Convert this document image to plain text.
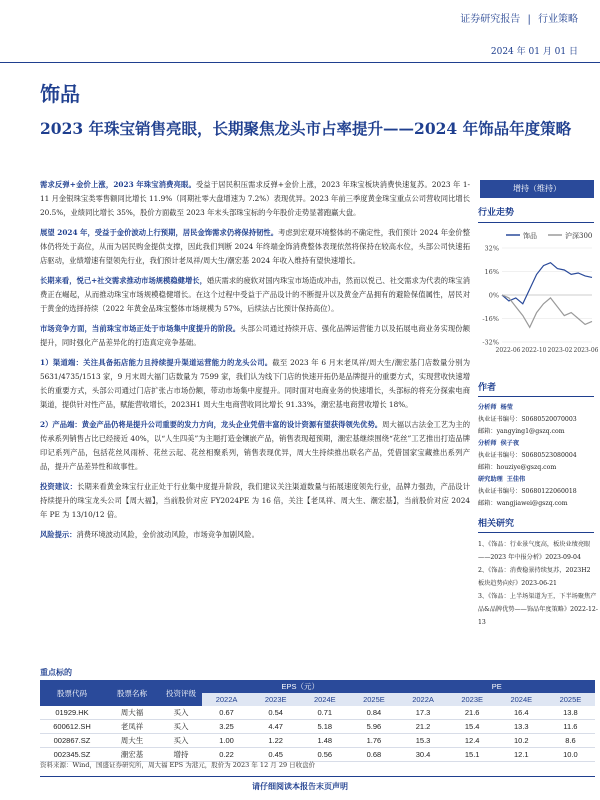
证券研究报告 | 行业策略
2024 年 01 月 01 日
饰品
2023 年珠宝销售亮眼，长期聚焦龙头市占率提升——2024 年饰品年度策略

需求反弹+金价上涨，2023 年珠宝消费亮眼。受益于居民积压需求反弹+金价上涨，2023 年珠宝板块消费快速复苏。2023 年 1-11 月金银珠宝类零售额同比增长 11.9%（同期社零大盘增速为 7.2%）表现优异。2023 年前三季度黄金珠宝重点公司营收同比增长 20.5%，业绩同比增长 35%，股价方面截至 2023 年末头部珠宝标的今年股价走势显著跑赢大盘。

展望 2024 年，受益于金价波动上行预期，居民金饰需求仍将保持韧性。考虑到宏观环境整体的不确定性，我们预计 2024 年金价整体仍将处于高位，从而为居民购金提供支撑，因此我们判断 2024 年终端金饰消费整体表现依然将保持在较高水位，头部公司快速拓店驱动，业绩增速有望领先行业，我们预计老凤祥/周大生/潮宏基 2024 年收入维持有望快速增长。

长期来看，悦己+社交需求推动市场规模稳健增长，婚庆需求的疲软对国内珠宝市场造成冲击，然而以悦己、社交需求为代表的珠宝消费正在崛起，从而推动珠宝市场规模稳健增长。在这个过程中受益于产品设计的不断提升以及黄金产品拥有的避险保值属性，居民对于黄金的选择持续（2022 年黄金品珠宝整体市场规模为 57%，后续法占比预计保持高位）。

市场竞争方面，当前珠宝市场正处于市场集中度提升的阶段。头部公司通过持续开店、强化品牌运营能力以及拓展电商业务实现份额提升，同时强化产品差异化的打造真定竞争基础。

1）渠道端：关注具备拓店能力且持续提升渠道运营能力的龙头公司。截至 2023 年 6 月末老凤祥/周大生/潮宏基门店数量分别为 5631/4735/1513 家，9 月末周大福门店数量为 7599 家，我们认为线下门店的快速开拓仍是品牌提升的重要方式，实现营收快速增长的重要方式，头部公司通过门店扩张占市场份额，带动市场集中度提升。同时面对电商业务的快速增长，头部标的将充分探索电商渠道，提供针对性产品，赋能营收增长，2023H1 周大生电商营收同比增长 91.33%，潮宏基电商营收增长 18%。

2）产品端：黄金产品仍将是提升公司重要的发力方向，龙头企业凭借丰富的设计资源有望获得领先优势。周大福以古法金工艺为主的传承系列销售占比已经接近 40%，以“人生四美”为主题打造金镶嵌产品，销售表现超预期，潮宏基继续围绕“花丝”工艺推出打造品牌印记系列产品，包括花丝风雨桥、花丝云起、花丝相聚系列，销售表现优异，周大生持续推出联名产品，凭借国家宝藏推出系列产品，提升产品差异性和故事性。

投资建议：长期来看黄金珠宝行业正处于行业集中度提升阶段，我们建议关注渠道数量与拓展速度领先行业，品牌力强劲，产品设计持续提升的珠宝龙头公司【周大福】，当前股价对应 FY2024PE 为 16 倍，关注【老凤祥、周大生、潮宏基】，当前股价对应 2024 年 PE 为 13/10/12 倍。

风险提示：消费环境波动风险，金价波动风险，市场竞争加剧风险。

增持（维持）
行业走势
饰品	沪深300
32%
16%
0%
-16%
-32%
2022-06 2022-10 2023-02 2023-06
作者
分析师 杨莹
执业证书编号：S0680520070003
邮箱：yangying1@gszq.com
分析师 侯子夜
执业证书编号：S0680523080004
邮箱：houziye@gszq.com
研究助理 王佳伟
执业证书编号：S0680122060018
邮箱：wangjiawei@gszq.com
相关研究
1、《饰品：行业景气度高，板块业绩亮眼——2023 年中报分析》2023-09-04
2、《饰品：消费稳景持续复苏，2023H2 板块趋势向好》2023-06-21
3、《饰品：上半场渠道为王，下半场聚焦产品&品牌优势——饰品年度策略》2022-12-13
重点标的
股票代码	股票名称	投资评级	EPS（元）				PE			
			2022A	2023E	2024E	2025E	2022A	2023E	2024E	2025E
01929.HK	周大福	买入	0.67	0.54	0.71	0.84	17.3	21.6	16.4	13.8
600612.SH	老凤祥	买入	3.25	4.47	5.18	5.96	21.2	15.4	13.3	11.6
002867.SZ	周大生	买入	1.00	1.22	1.48	1.76	15.3	12.4	10.2	8.6
002345.SZ	潮宏基	增持	0.22	0.45	0.56	0.68	30.4	15.1	12.1	10.0
资料来源：Wind，国盛证券研究所，周大福 EPS 为港元，股价为 2023 年 12 月 29 日收盘价
请仔细阅读本报告末页声明
